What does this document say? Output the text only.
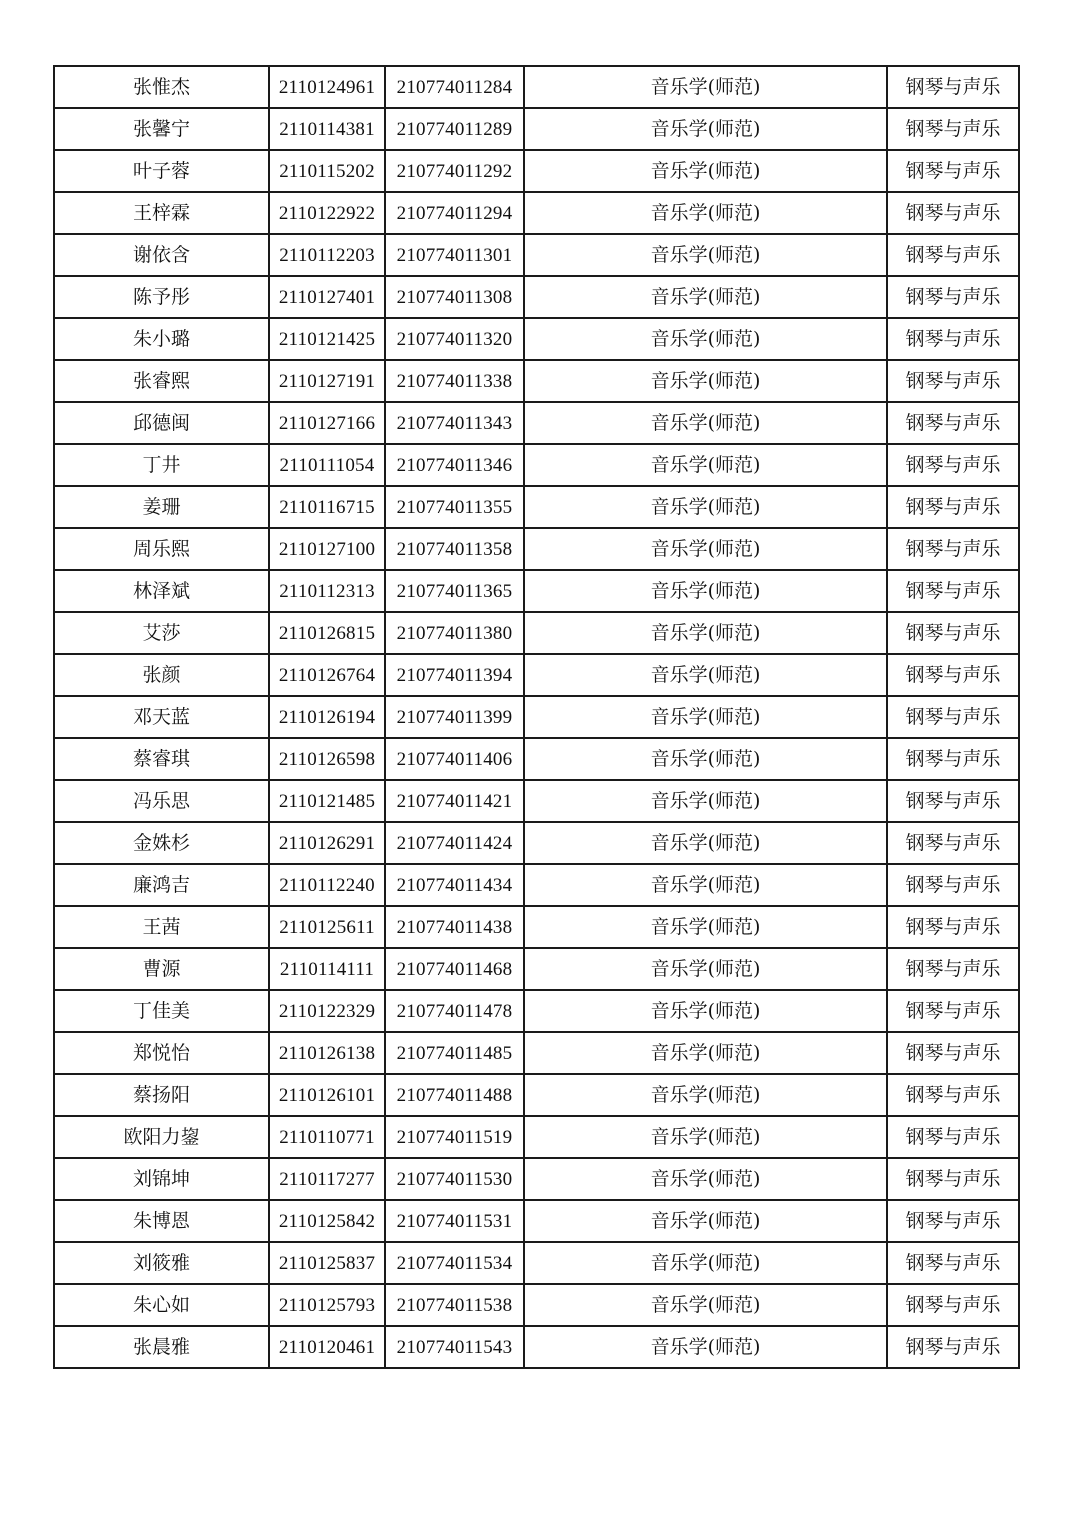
张惟杰	2110124961	210774011284	音乐学(师范)	钢琴与声乐
张馨宁	2110114381	210774011289	音乐学(师范)	钢琴与声乐
叶子蓉	2110115202	210774011292	音乐学(师范)	钢琴与声乐
王梓霖	2110122922	210774011294	音乐学(师范)	钢琴与声乐
谢依含	2110112203	210774011301	音乐学(师范)	钢琴与声乐
陈予彤	2110127401	210774011308	音乐学(师范)	钢琴与声乐
朱小璐	2110121425	210774011320	音乐学(师范)	钢琴与声乐
张睿熙	2110127191	210774011338	音乐学(师范)	钢琴与声乐
邱德闽	2110127166	210774011343	音乐学(师范)	钢琴与声乐
丁井	2110111054	210774011346	音乐学(师范)	钢琴与声乐
姜珊	2110116715	210774011355	音乐学(师范)	钢琴与声乐
周乐熙	2110127100	210774011358	音乐学(师范)	钢琴与声乐
林泽斌	2110112313	210774011365	音乐学(师范)	钢琴与声乐
艾莎	2110126815	210774011380	音乐学(师范)	钢琴与声乐
张颜	2110126764	210774011394	音乐学(师范)	钢琴与声乐
邓天蓝	2110126194	210774011399	音乐学(师范)	钢琴与声乐
蔡睿琪	2110126598	210774011406	音乐学(师范)	钢琴与声乐
冯乐思	2110121485	210774011421	音乐学(师范)	钢琴与声乐
金姝杉	2110126291	210774011424	音乐学(师范)	钢琴与声乐
廉鸿吉	2110112240	210774011434	音乐学(师范)	钢琴与声乐
王茜	2110125611	210774011438	音乐学(师范)	钢琴与声乐
曹源	2110114111	210774011468	音乐学(师范)	钢琴与声乐
丁佳美	2110122329	210774011478	音乐学(师范)	钢琴与声乐
郑悦怡	2110126138	210774011485	音乐学(师范)	钢琴与声乐
蔡扬阳	2110126101	210774011488	音乐学(师范)	钢琴与声乐
欧阳力鋆	2110110771	210774011519	音乐学(师范)	钢琴与声乐
刘锦坤	2110117277	210774011530	音乐学(师范)	钢琴与声乐
朱博恩	2110125842	210774011531	音乐学(师范)	钢琴与声乐
刘筱雅	2110125837	210774011534	音乐学(师范)	钢琴与声乐
朱心如	2110125793	210774011538	音乐学(师范)	钢琴与声乐
张晨雅	2110120461	210774011543	音乐学(师范)	钢琴与声乐
